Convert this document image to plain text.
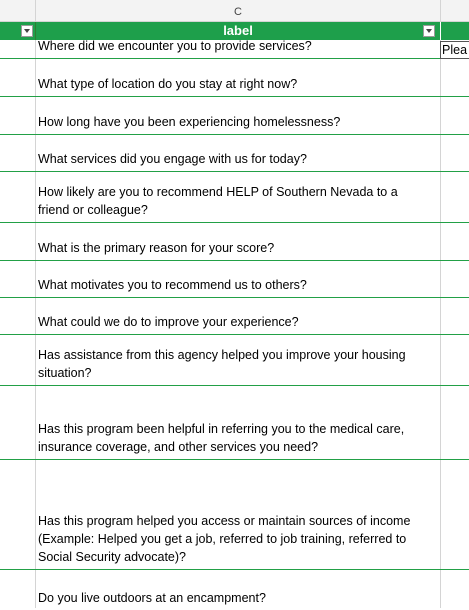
C
label
Where did we encounter you to provide services?
What type of location do you stay at right now?
How long have you been experiencing homelessness?
What services did you engage with us for today?
How likely are you to recommend HELP of Southern Nevada to a
friend or colleague?
What is the primary reason for your score?
What motivates you to recommend us to others?
What could we do to improve your experience?
Has assistance from this agency helped you improve your housing
situation?
Has this program been helpful in referring you to the medical care,
insurance coverage, and other services you need?
Has this program helped you access or maintain sources of income
(Example: Helped you get a job, referred to job training, referred to
Social Security advocate)?
Do you live outdoors at an encampment?
Plea
